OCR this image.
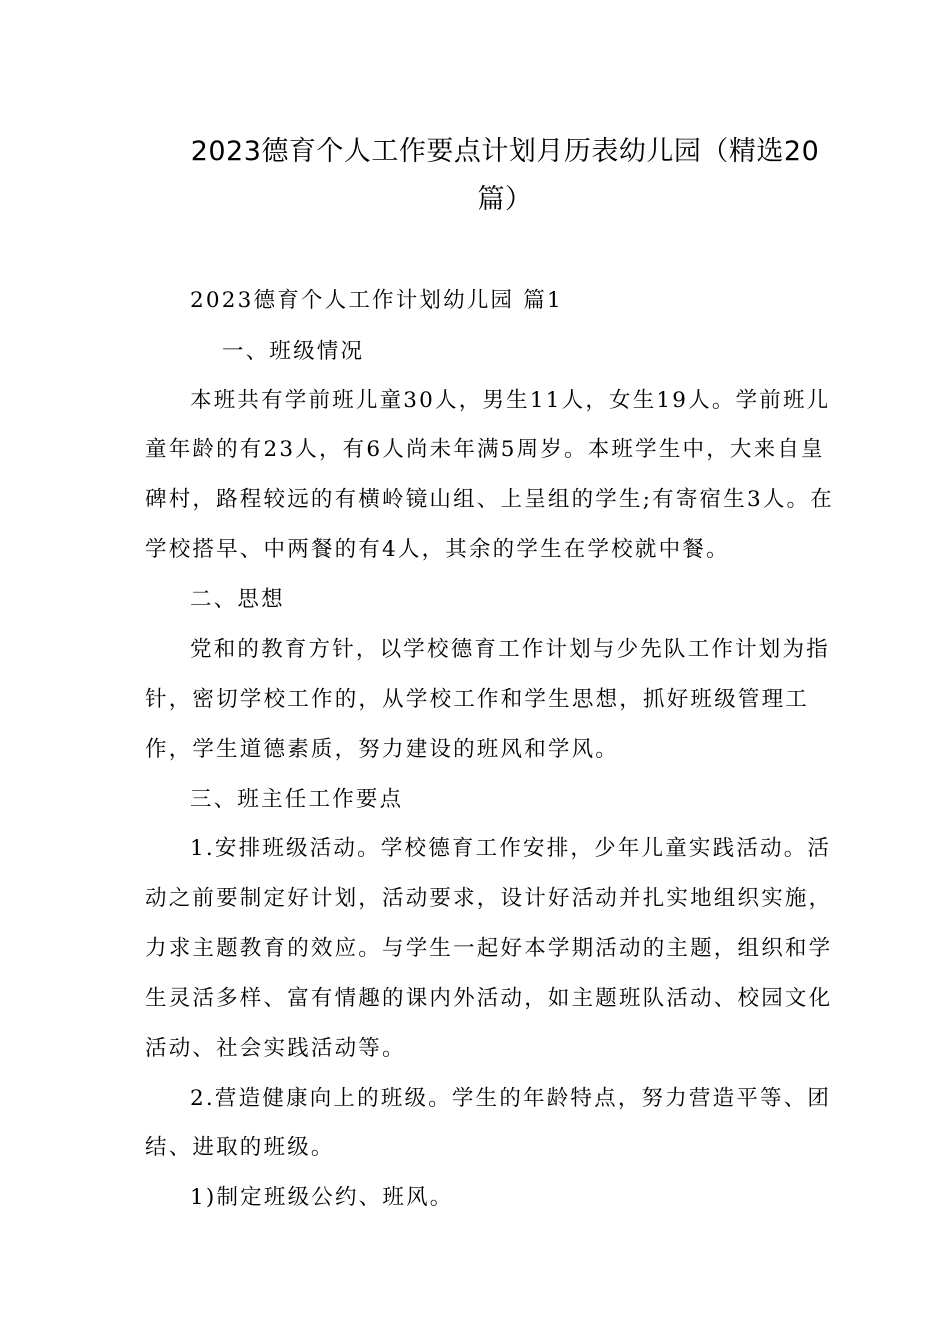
2023德育个人工作要点计划月历表幼儿园（精选20
篇）
2023德育个人工作计划幼儿园 篇1
一、班级情况
本班共有学前班儿童30人，男生11人，女生19人。学前班儿
童年龄的有23人，有6人尚未年满5周岁。本班学生中，大来自皇
碑村，路程较远的有横岭镜山组、上呈组的学生;有寄宿生3人。在
学校搭早、中两餐的有4人，其余的学生在学校就中餐。
二、思想
党和的教育方针，以学校德育工作计划与少先队工作计划为指
针，密切学校工作的，从学校工作和学生思想，抓好班级管理工
作，学生道德素质，努力建设的班风和学风。
三、班主任工作要点
1.安排班级活动。学校德育工作安排，少年儿童实践活动。活
动之前要制定好计划，活动要求，设计好活动并扎实地组织实施，
力求主题教育的效应。与学生一起好本学期活动的主题，组织和学
生灵活多样、富有情趣的课内外活动，如主题班队活动、校园文化
活动、社会实践活动等。
2.营造健康向上的班级。学生的年龄特点，努力营造平等、团
结、进取的班级。
1)制定班级公约、班风。
